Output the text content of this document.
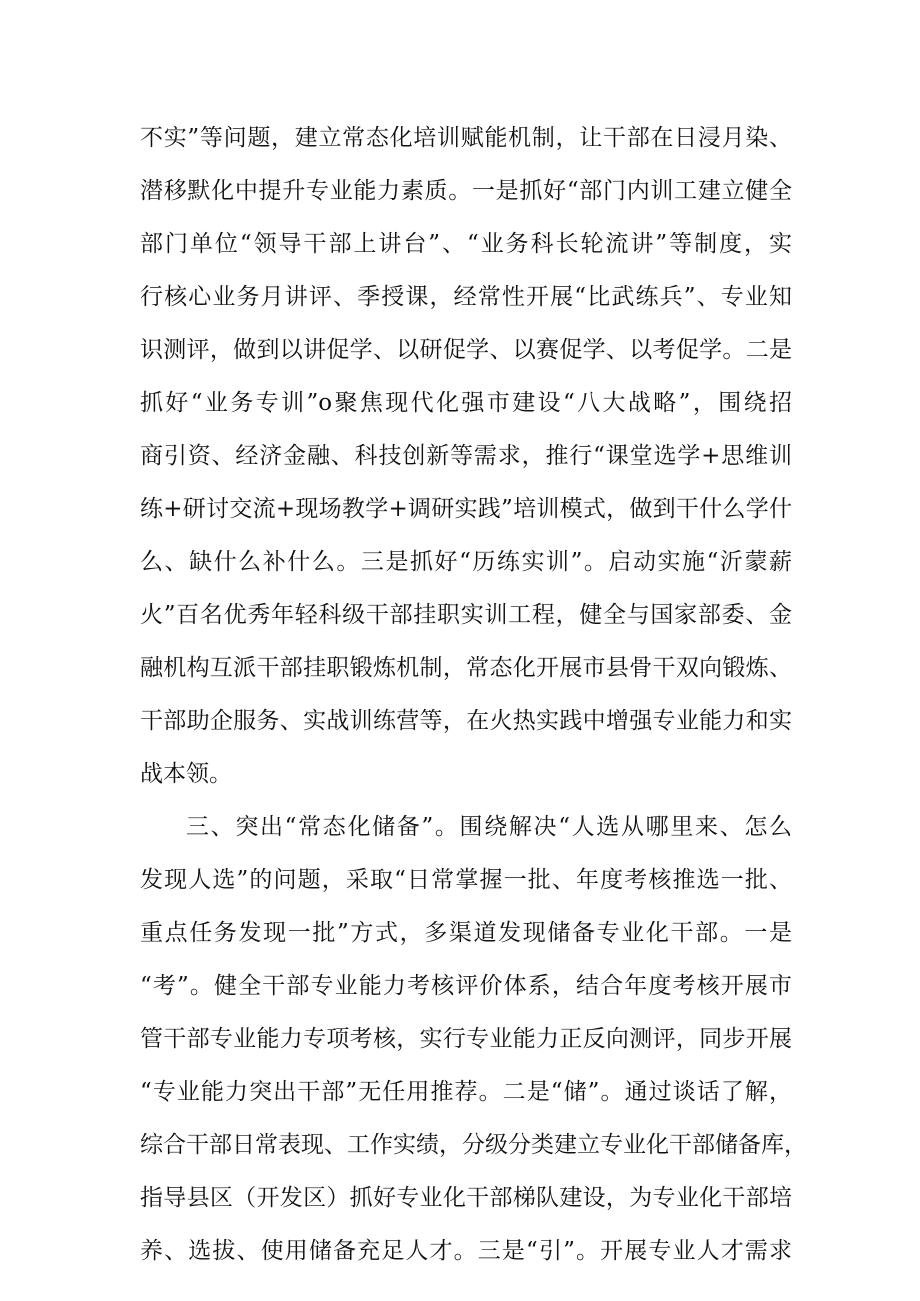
不实”等问题，建立常态化培训赋能机制，让干部在日浸月染、
潜移默化中提升专业能力素质。一是抓好“部门内训工建立健全
部门单位“领导干部上讲台”、“业务科长轮流讲”等制度，实
行核心业务月讲评、季授课，经常性开展“比武练兵”、专业知
识测评，做到以讲促学、以研促学、以赛促学、以考促学。二是
抓好“业务专训”o聚焦现代化强市建设“八大战略”，围绕招
商引资、经济金融、科技创新等需求，推行“课堂选学+思维训
练+研讨交流+现场教学+调研实践”培训模式，做到干什么学什
么、缺什么补什么。三是抓好“历练实训”。启动实施“沂蒙薪
火”百名优秀年轻科级干部挂职实训工程，健全与国家部委、金
融机构互派干部挂职锻炼机制，常态化开展市县骨干双向锻炼、
干部助企服务、实战训练营等，在火热实践中增强专业能力和实
战本领。
三、突出“常态化储备”。围绕解决“人选从哪里来、怎么
发现人选”的问题，采取“日常掌握一批、年度考核推选一批、
重点任务发现一批”方式，多渠道发现储备专业化干部。一是
“考”。健全干部专业能力考核评价体系，结合年度考核开展市
管干部专业能力专项考核，实行专业能力正反向测评，同步开展
“专业能力突出干部”无任用推荐。二是“储”。通过谈话了解，
综合干部日常表现、工作实绩，分级分类建立专业化干部储备库，
指导县区（开发区）抓好专业化干部梯队建设，为专业化干部培
养、选拔、使用储备充足人才。三是“引”。开展专业人才需求
